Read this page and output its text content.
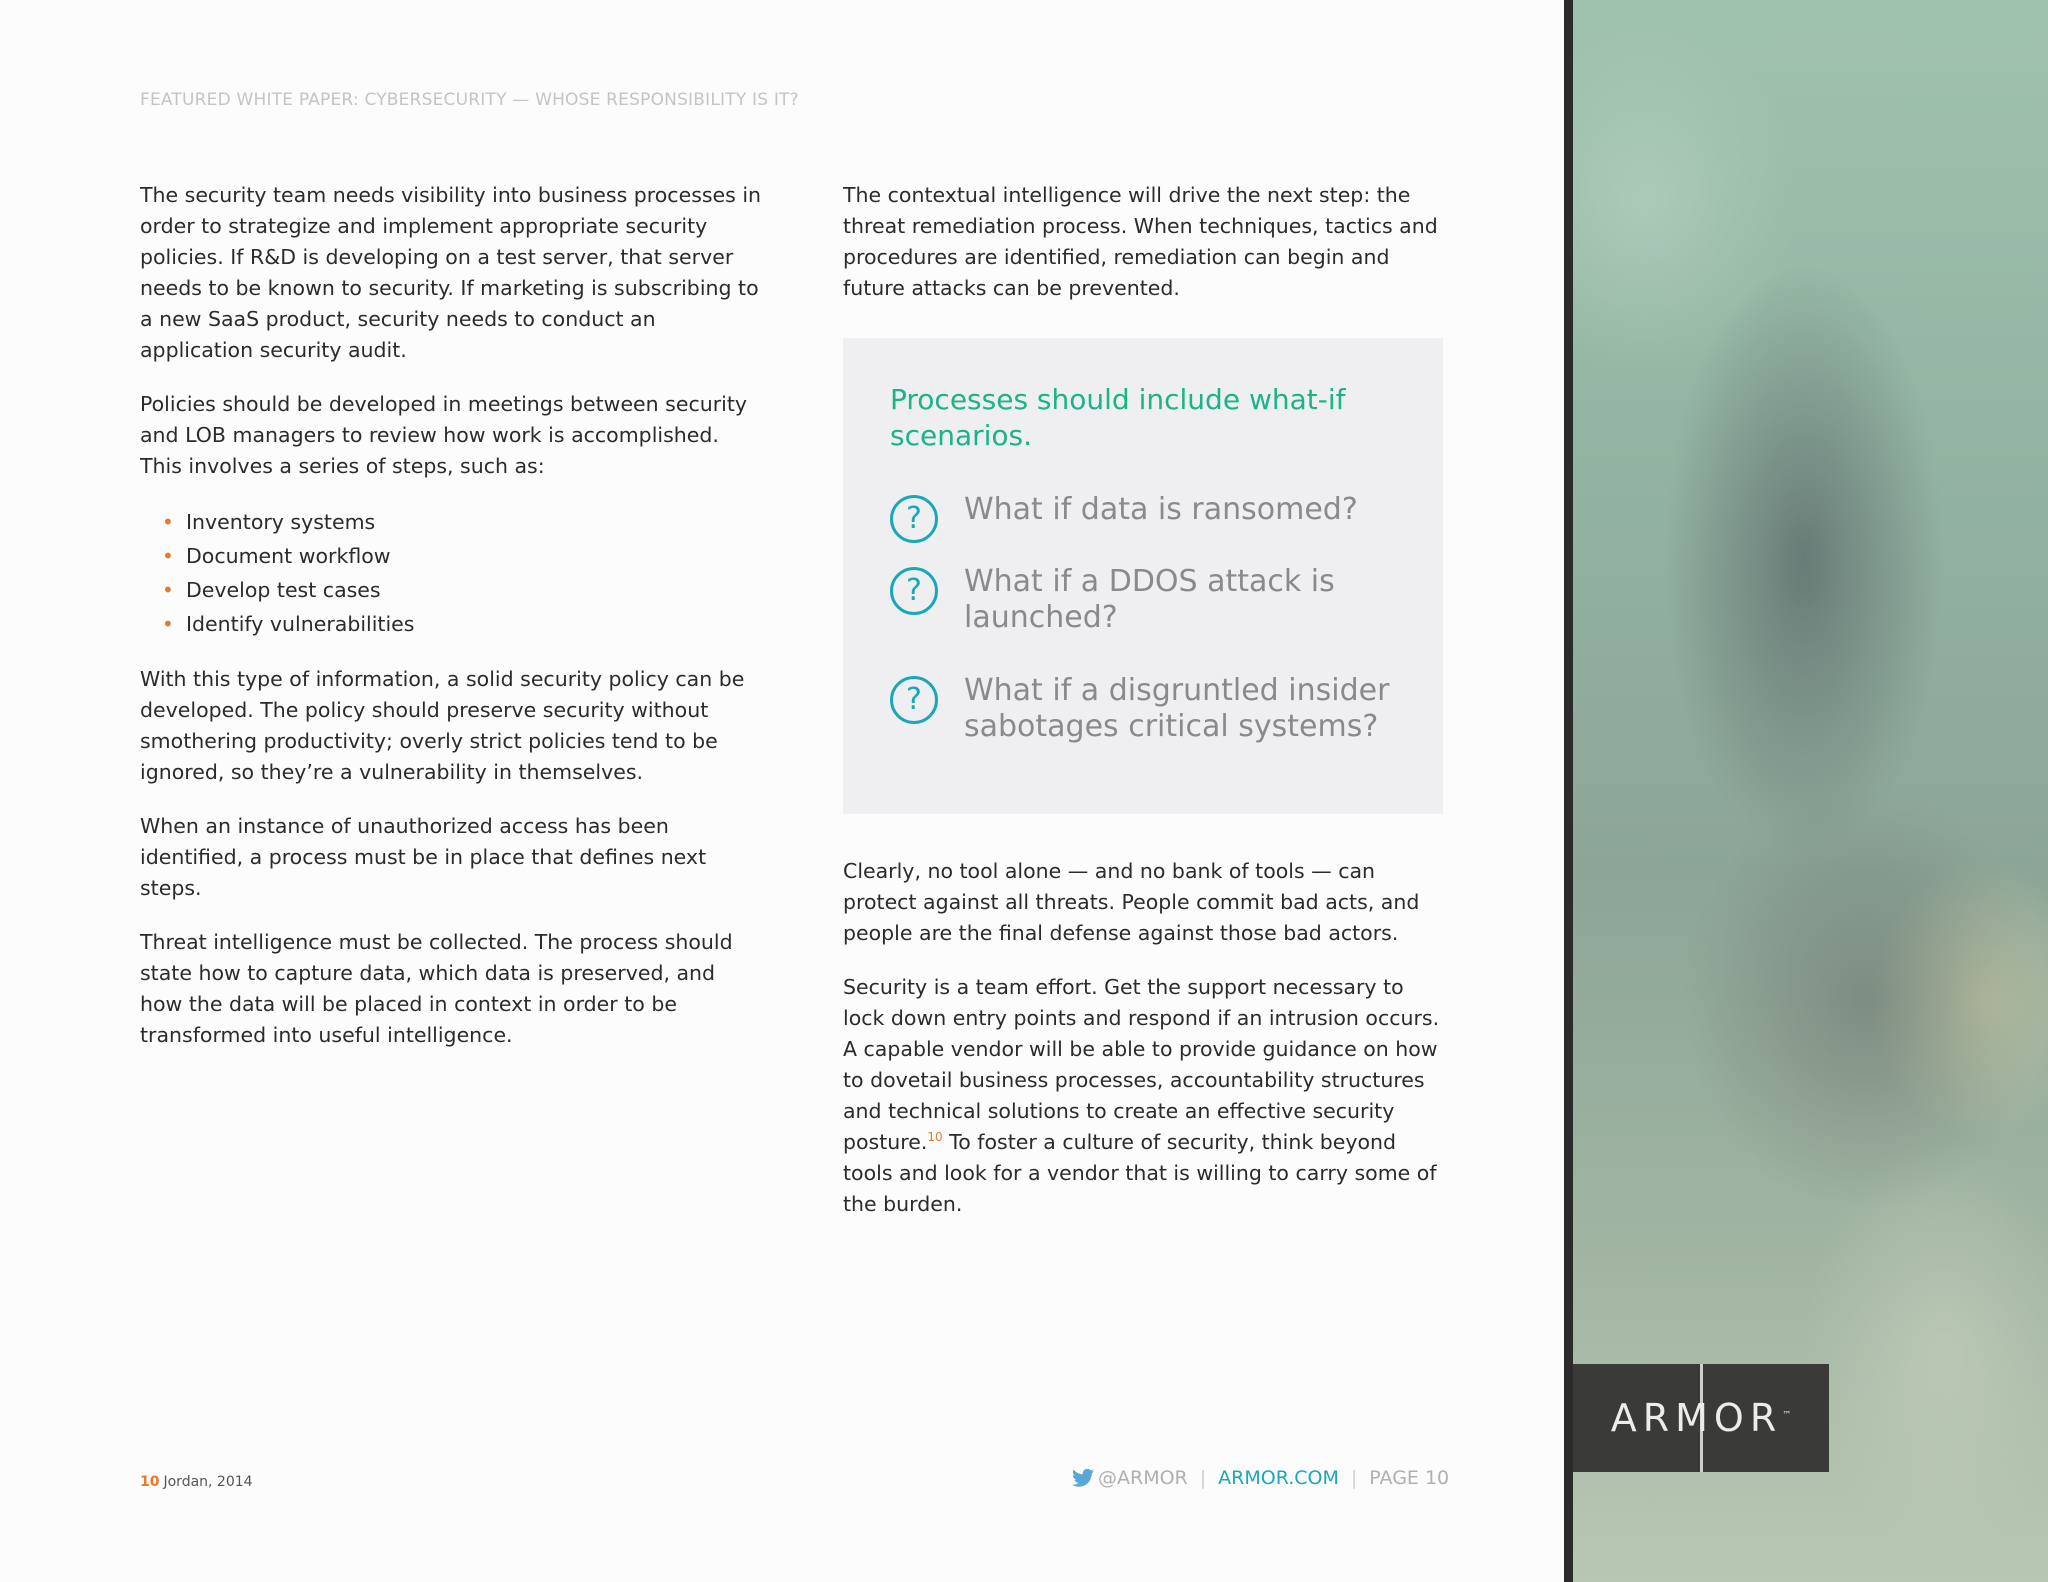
FEATURED WHITE PAPER: CYBERSECURITY — WHOSE RESPONSIBILITY IS IT?

The security team needs visibility into business processes in order to strategize and implement appropriate security policies. If R&D is developing on a test server, that server needs to be known to security. If marketing is subscribing to a new SaaS product, security needs to conduct an application security audit.

Policies should be developed in meetings between security and LOB managers to review how work is accomplished. This involves a series of steps, such as:

• Inventory systems
• Document workflow
• Develop test cases
• Identify vulnerabilities

With this type of information, a solid security policy can be developed. The policy should preserve security without smothering productivity; overly strict policies tend to be ignored, so they’re a vulnerability in themselves.

When an instance of unauthorized access has been identified, a process must be in place that defines next steps.

Threat intelligence must be collected. The process should state how to capture data, which data is preserved, and how the data will be placed in context in order to be transformed into useful intelligence.

The contextual intelligence will drive the next step: the threat remediation process. When techniques, tactics and procedures are identified, remediation can begin and future attacks can be prevented.

Processes should include what-if scenarios.
?	What if data is ransomed?
?	What if a DDOS attack is launched?
?	What if a disgruntled insider sabotages critical systems?

Clearly, no tool alone — and no bank of tools — can protect against all threats. People commit bad acts, and people are the final defense against those bad actors.

Security is a team effort. Get the support necessary to lock down entry points and respond if an intrusion occurs. A capable vendor will be able to provide guidance on how to dovetail business processes, accountability structures and technical solutions to create an effective security posture.$^{10}$ To foster a culture of security, think beyond tools and look for a vendor that is willing to carry some of the burden.

10 Jordan, 2014	@ARMOR | ARMOR.COM | PAGE 10
ARMOR™
